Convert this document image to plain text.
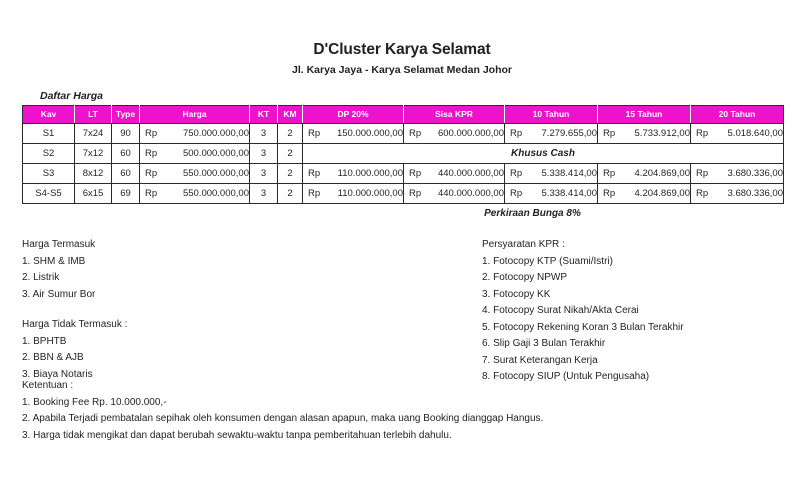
D'Cluster Karya Selamat
Jl. Karya Jaya - Karya Selamat Medan Johor
Daftar Harga
Kav	LT	Type	Harga	KT	KM	DP 20%	Sisa KPR	10 Tahun	15 Tahun	20 Tahun
S1	7x24	90	Rp 750.000.000,00	3	2	Rp 150.000.000,00	Rp 600.000.000,00	Rp 7.279.655,00	Rp 5.733.912,00	Rp 5.018.640,00
S2	7x12	60	Rp 500.000.000,00	3	2	Khusus Cash				
S3	8x12	60	Rp 550.000.000,00	3	2	Rp 110.000.000,00	Rp 440.000.000,00	Rp 5.338.414,00	Rp 4.204.869,00	Rp 3.680.336,00
S4-S5	6x15	69	Rp 550.000.000,00	3	2	Rp 110.000.000,00	Rp 440.000.000,00	Rp 5.338.414,00	Rp 4.204.869,00	Rp 3.680.336,00
Perkiraan Bunga 8%
Harga Termasuk
1. SHM & IMB
2. Listrik
3. Air Sumur Bor
Harga Tidak Termasuk :
1. BPHTB
2. BBN & AJB
3. Biaya Notaris
Persyaratan KPR :
1. Fotocopy KTP (Suami/Istri)
2. Fotocopy NPWP
3. Fotocopy KK
4. Fotocopy Surat Nikah/Akta Cerai
5. Fotocopy Rekening Koran 3 Bulan Terakhir
6. Slip Gaji 3 Bulan Terakhir
7. Surat Keterangan Kerja
8. Fotocopy SIUP (Untuk Pengusaha)
Ketentuan :
1. Booking Fee Rp. 10.000.000,-
2. Apabila Terjadi pembatalan sepihak oleh konsumen dengan alasan apapun, maka uang Booking dianggap Hangus.
3. Harga tidak mengikat dan dapat berubah sewaktu-waktu tanpa pemberitahuan terlebih dahulu.
